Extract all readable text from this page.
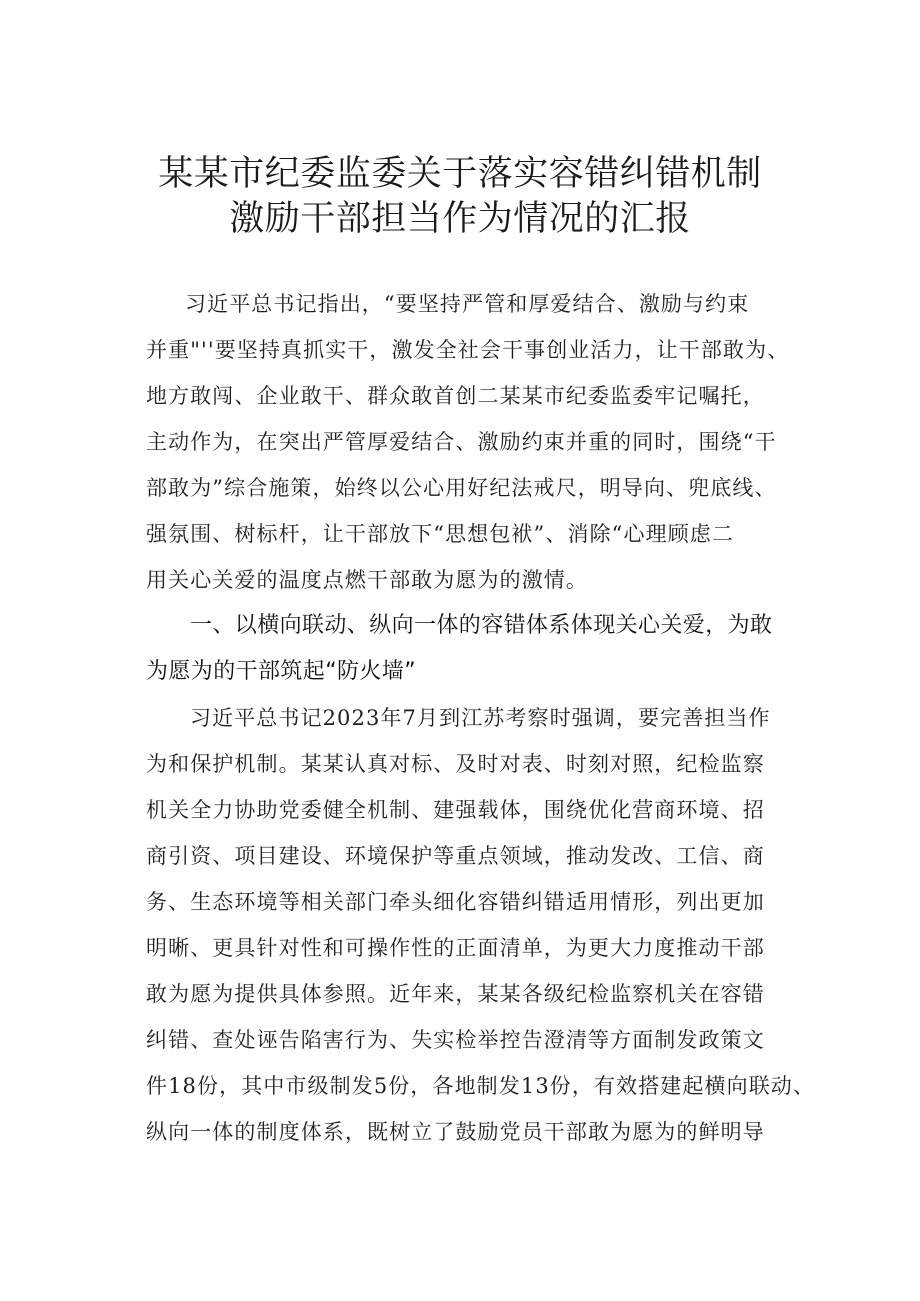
某某市纪委监委关于落实容错纠错机制
激励干部担当作为情况的汇报
习近平总书记指出，“要坚持严管和厚爱结合、激励与约束
并重"''要坚持真抓实干，激发全社会干事创业活力，让干部敢为、
地方敢闯、企业敢干、群众敢首创二某某市纪委监委牢记嘱托，
主动作为，在突出严管厚爱结合、激励约束并重的同时，围绕“干
部敢为”综合施策，始终以公心用好纪法戒尺，明导向、兜底线、
强氛围、树标杆，让干部放下“思想包袱”、消除“心理顾虑二
用关心关爱的温度点燃干部敢为愿为的激情。
一、以横向联动、纵向一体的容错体系体现关心关爱，为敢
为愿为的干部筑起“防火墙”
习近平总书记2023年7月到江苏考察时强调，要完善担当作
为和保护机制。某某认真对标、及时对表、时刻对照，纪检监察
机关全力协助党委健全机制、建强载体，围绕优化营商环境、招
商引资、项目建设、环境保护等重点领域，推动发改、工信、商
务、生态环境等相关部门牵头细化容错纠错适用情形，列出更加
明晰、更具针对性和可操作性的正面清单，为更大力度推动干部
敢为愿为提供具体参照。近年来，某某各级纪检监察机关在容错
纠错、查处诬告陷害行为、失实检举控告澄清等方面制发政策文
件18份，其中市级制发5份，各地制发13份，有效搭建起横向联动、
纵向一体的制度体系，既树立了鼓励党员干部敢为愿为的鲜明导
